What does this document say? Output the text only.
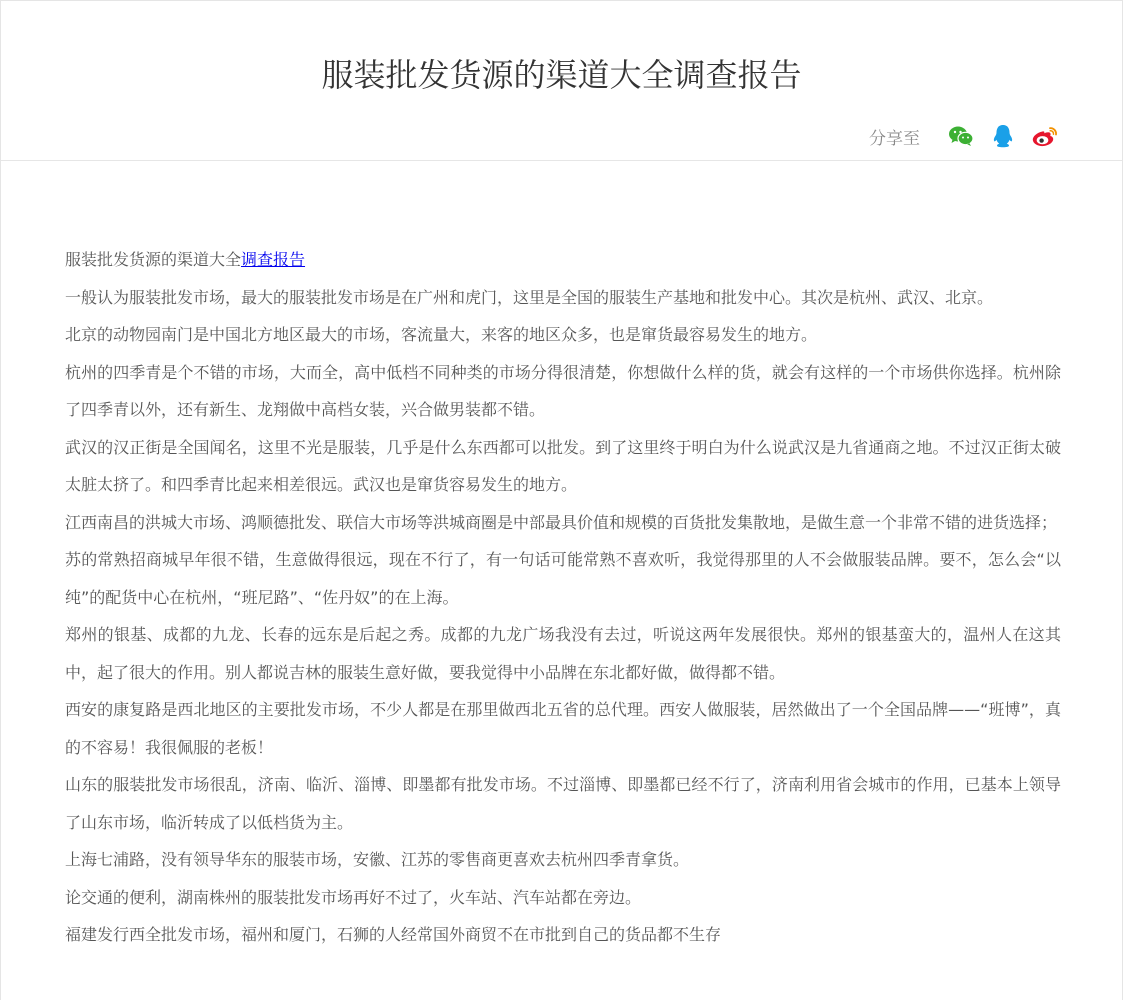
服装批发货源的渠道大全调查报告
分享至

服装批发货源的渠道大全调查报告

一般认为服装批发市场，最大的服装批发市场是在广州和虎门，这里是全国的服装生产基地和批发中心。其次是杭州、武汉、北京。

北京的动物园南门是中国北方地区最大的市场，客流量大，来客的地区众多，也是窜货最容易发生的地方。

杭州的四季青是个不错的市场，大而全，高中低档不同种类的市场分得很清楚，你想做什么样的货，就会有这样的一个市场供你选择。杭州除了四季青以外，还有新生、龙翔做中高档女装，兴合做男装都不错。

武汉的汉正街是全国闻名，这里不光是服装，几乎是什么东西都可以批发。到了这里终于明白为什么说武汉是九省通商之地。不过汉正街太破太脏太挤了。和四季青比起来相差很远。武汉也是窜货容易发生的地方。

江西南昌的洪城大市场、鸿顺德批发、联信大市场等洪城商圈是中部最具价值和规模的百货批发集散地，是做生意一个非常不错的进货选择；

苏的常熟招商城早年很不错，生意做得很远，现在不行了，有一句话可能常熟不喜欢听，我觉得那里的人不会做服装品牌。要不，怎么会“以纯”的配货中心在杭州，“班尼路”、“佐丹奴”的在上海。

郑州的银基、成都的九龙、长春的远东是后起之秀。成都的九龙广场我没有去过，听说这两年发展很快。郑州的银基蛮大的，温州人在这其中，起了很大的作用。别人都说吉林的服装生意好做，要我觉得中小品牌在东北都好做，做得都不错。

西安的康复路是西北地区的主要批发市场，不少人都是在那里做西北五省的总代理。西安人做服装，居然做出了一个全国品牌——“班博”，真的不容易！我很佩服的老板！

山东的服装批发市场很乱，济南、临沂、淄博、即墨都有批发市场。不过淄博、即墨都已经不行了，济南利用省会城市的作用，已基本上领导了山东市场，临沂转成了以低档货为主。

上海七浦路，没有领导华东的服装市场，安徽、江苏的零售商更喜欢去杭州四季青拿货。

论交通的便利，湖南株州的服装批发市场再好不过了，火车站、汽车站都在旁边。

福建发行西全批发市场，福州和厦门，石狮的人经常国外商贸不在市批到自己的货品都不生存
